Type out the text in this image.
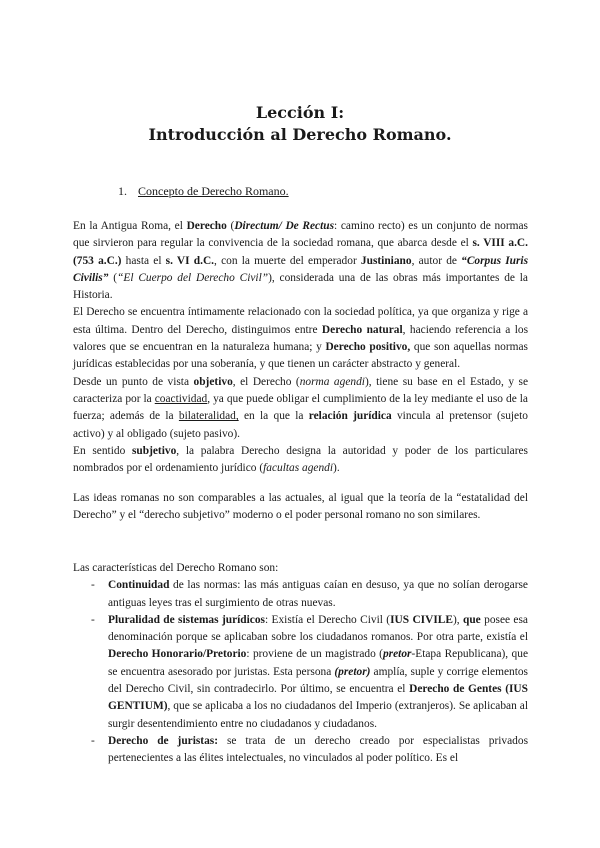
Lección I:
Introducción al Derecho Romano.
1. Concepto de Derecho Romano.

En la Antigua Roma, el Derecho (Directum/ De Rectus: camino recto) es un conjunto de normas que sirvieron para regular la convivencia de la sociedad romana, que abarca desde el s. VIII a.C. (753 a.C.) hasta el s. VI d.C., con la muerte del emperador Justiniano, autor de “Corpus Iuris Civilis” (“El Cuerpo del Derecho Civil”), considerada una de las obras más importantes de la Historia.

El Derecho se encuentra íntimamente relacionado con la sociedad política, ya que organiza y rige a esta última. Dentro del Derecho, distinguimos entre Derecho natural, haciendo referencia a los valores que se encuentran en la naturaleza humana; y Derecho positivo, que son aquellas normas jurídicas establecidas por una soberanía, y que tienen un carácter abstracto y general.

Desde un punto de vista objetivo, el Derecho (norma agendi), tiene su base en el Estado, y se caracteriza por la coactividad, ya que puede obligar el cumplimiento de la ley mediante el uso de la fuerza; además de la bilateralidad, en la que la relación jurídica vincula al pretensor (sujeto activo) y al obligado (sujeto pasivo).

En sentido subjetivo, la palabra Derecho designa la autoridad y poder de los particulares nombrados por el ordenamiento jurídico (facultas agendi).

Las ideas romanas no son comparables a las actuales, al igual que la teoría de la “estatalidad del Derecho” y el “derecho subjetivo” moderno o el poder personal romano no son similares.

Las características del Derecho Romano son:

- Continuidad de las normas: las más antiguas caían en desuso, ya que no solían derogarse antiguas leyes tras el surgimiento de otras nuevas.
- Pluralidad de sistemas jurídicos: Existía el Derecho Civil (IUS CIVILE), que posee esa denominación porque se aplicaban sobre los ciudadanos romanos. Por otra parte, existía el Derecho Honorario/Pretorio: proviene de un magistrado (pretor-Etapa Republicana), que se encuentra asesorado por juristas. Esta persona (pretor) amplía, suple y corrige elementos del Derecho Civil, sin contradecirlo. Por último, se encuentra el Derecho de Gentes (IUS GENTIUM), que se aplicaba a los no ciudadanos del Imperio (extranjeros). Se aplicaban al surgir desentendimiento entre no ciudadanos y ciudadanos.
- Derecho de juristas: se trata de un derecho creado por especialistas privados pertenecientes a las élites intelectuales, no vinculados al poder político. Es el
